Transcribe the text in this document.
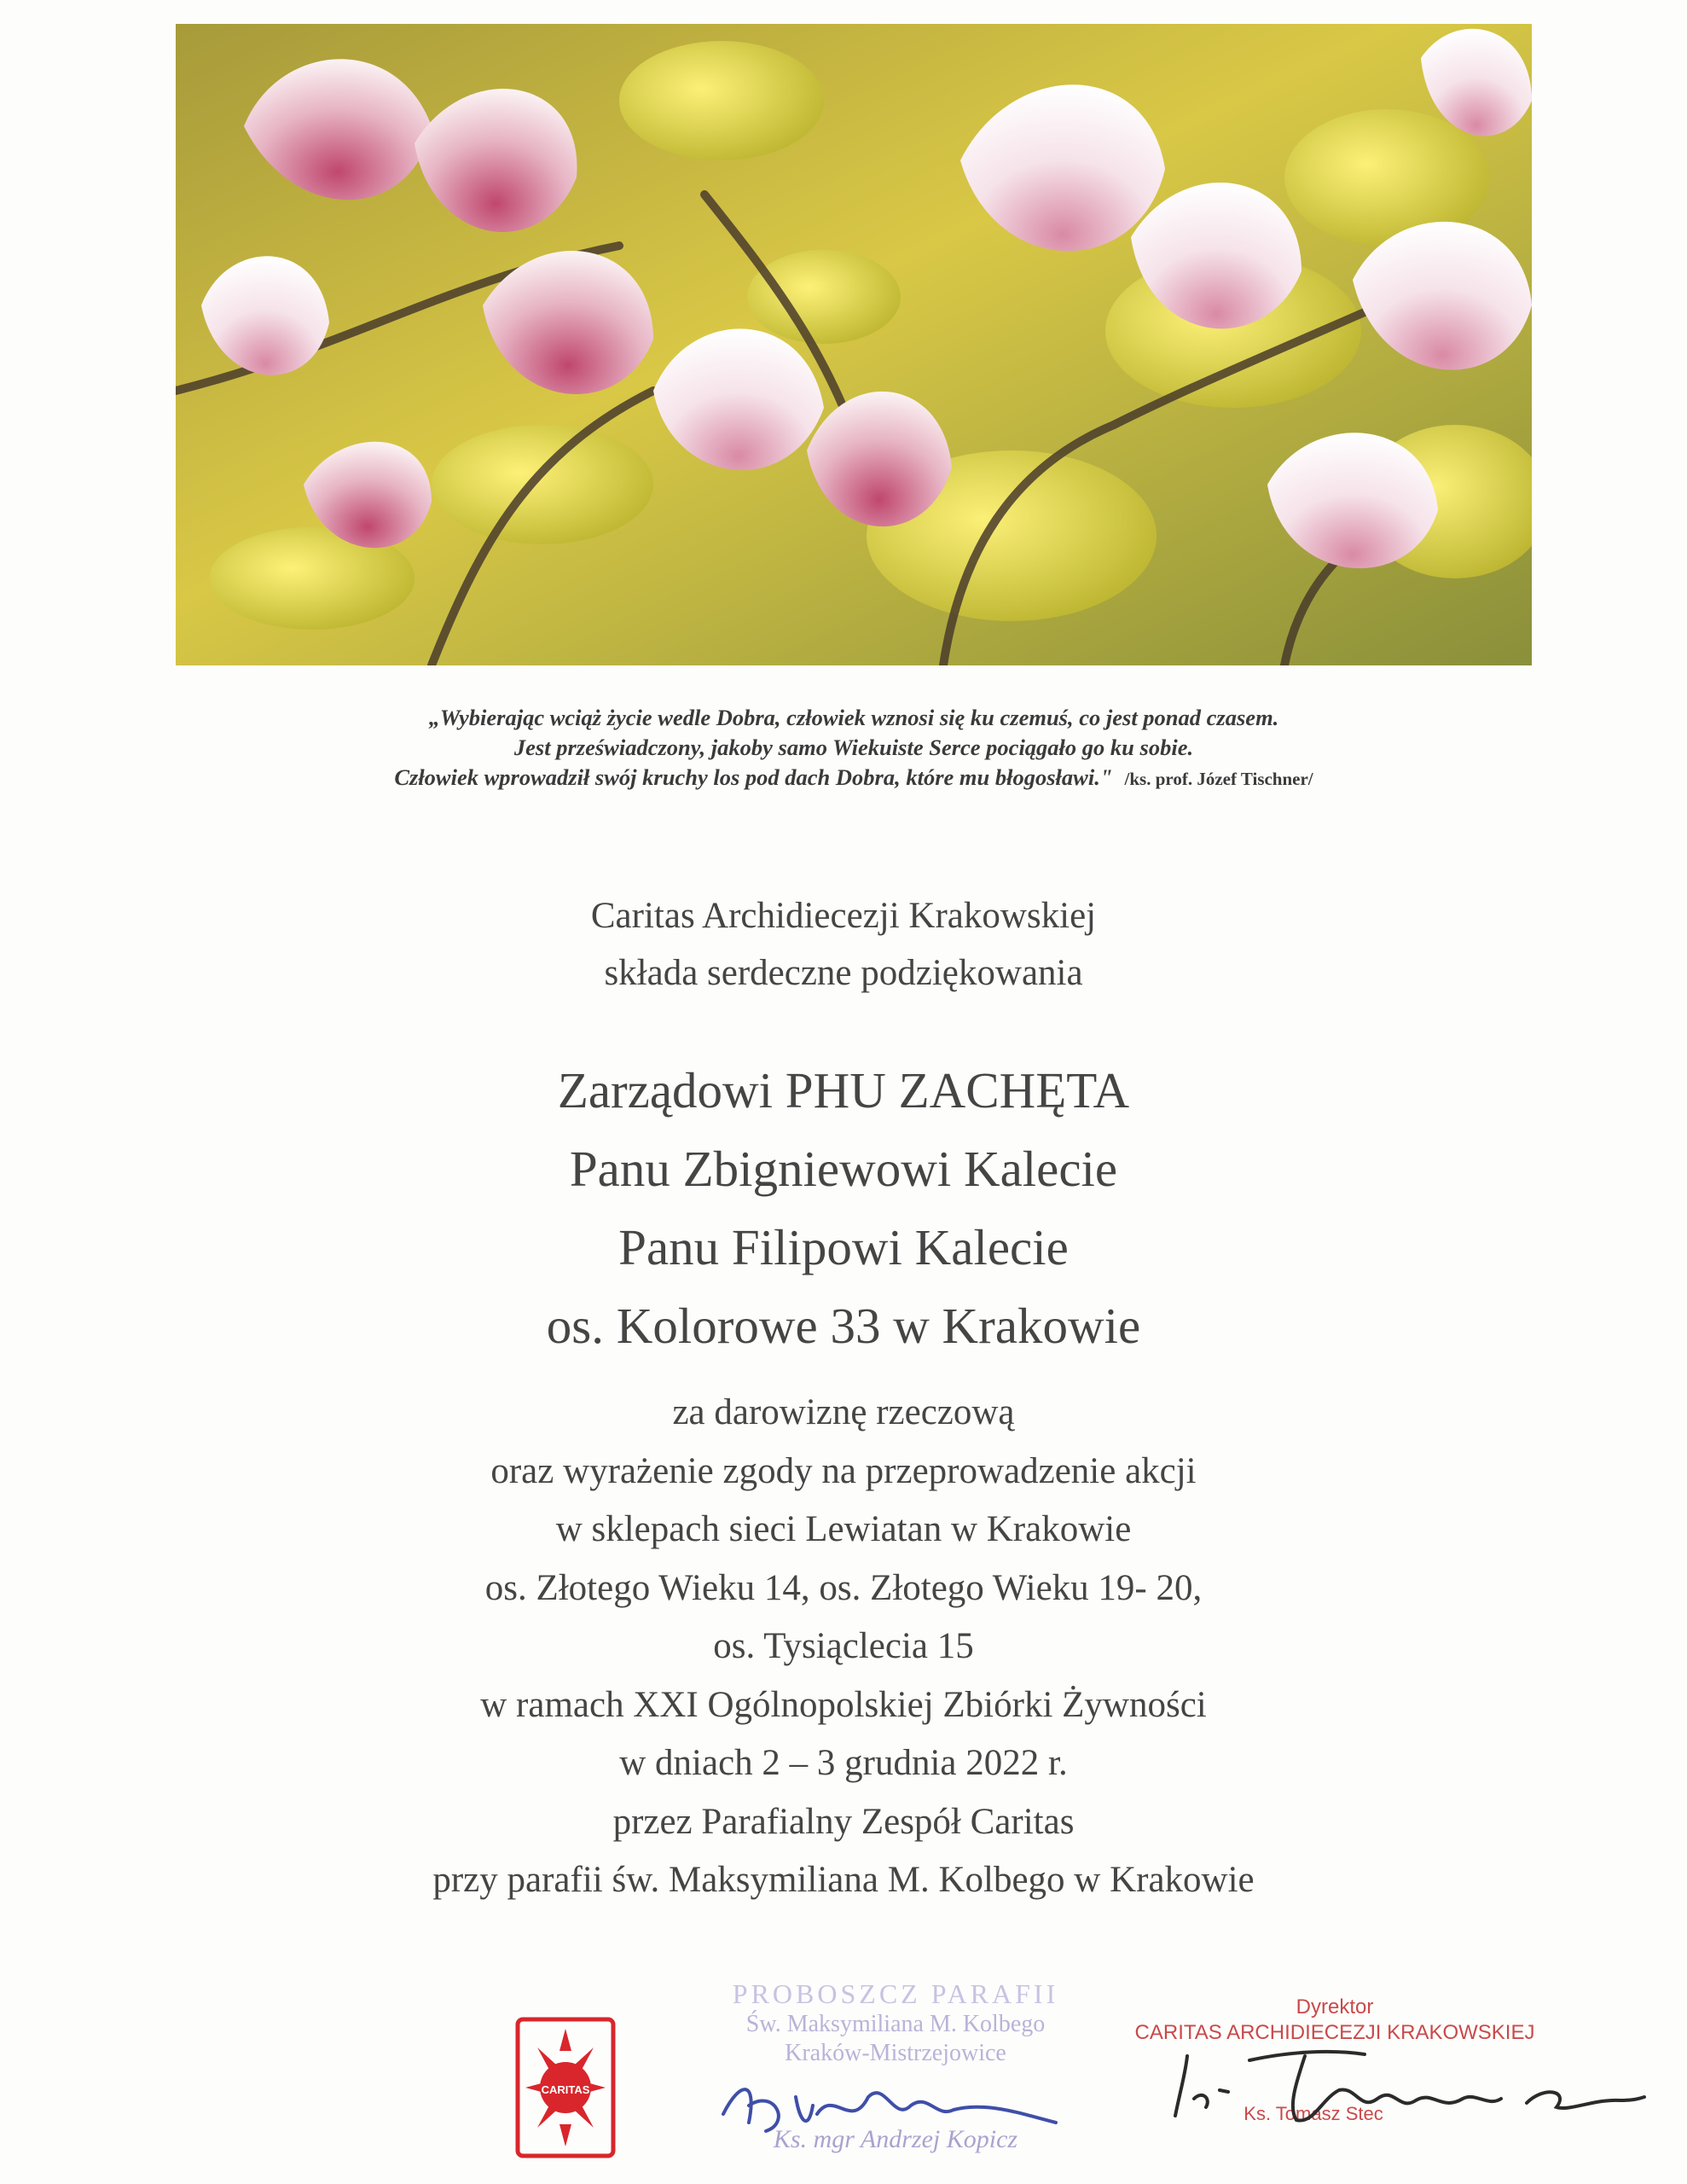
„Wybierając wciąż życie wedle Dobra, człowiek wznosi się ku czemuś, co jest ponad czasem.
Jest przeświadczony, jakoby samo Wiekuiste Serce pociągało go ku sobie.
Człowiek wprowadził swój kruchy los pod dach Dobra, które mu błogosławi." /ks. prof. Józef Tischner/
Caritas Archidiecezji Krakowskiej
składa serdeczne podziękowania
Zarządowi PHU ZACHĘTA
Panu Zbigniewowi Kalecie
Panu Filipowi Kalecie
os. Kolorowe 33 w Krakowie
za darowiznę rzeczową
oraz wyrażenie zgody na przeprowadzenie akcji
w sklepach sieci Lewiatan w Krakowie
os. Złotego Wieku 14, os. Złotego Wieku 19- 20,
os. Tysiąclecia 15
w ramach XXI Ogólnopolskiej Zbiórki Żywności
w dniach 2 – 3 grudnia 2022 r.
przez Parafialny Zespół Caritas
przy parafii św. Maksymiliana M. Kolbego w Krakowie
CARITAS
PROBOSZCZ PARAFII
Św. Maksymiliana M. Kolbego
Kraków-Mistrzejowice
Ks. mgr Andrzej Kopicz
Dyrektor
CARITAS ARCHIDIECEZJI KRAKOWSKIEJ
Ks. Tomasz Stec
